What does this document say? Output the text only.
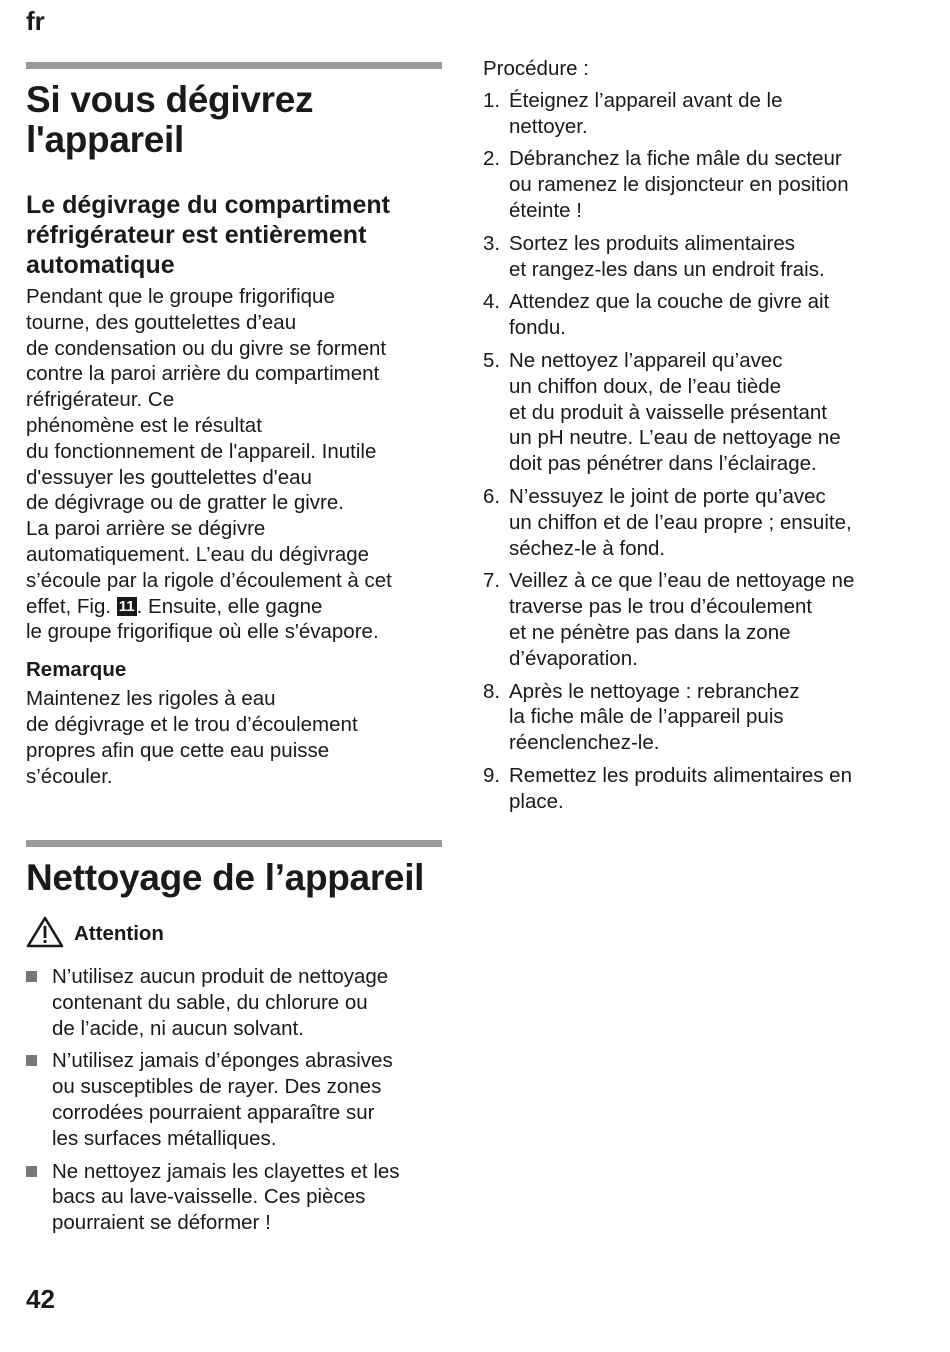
fr
Si vous dégivrez
l'appareil
Le dégivrage du compartiment
réfrigérateur est entièrement
automatique
Pendant que le groupe frigorifique
tourne, des gouttelettes d’eau
de condensation ou du givre se forment
contre la paroi arrière du compartiment
réfrigérateur. Ce
phénomène est le résultat
du fonctionnement de l'appareil. Inutile
d'essuyer les gouttelettes d'eau
de dégivrage ou de gratter le givre.
La paroi arrière se dégivre
automatiquement. L’eau du dégivrage
s’écoule par la rigole d’écoulement à cet
effet, Fig. 11. Ensuite, elle gagne
le groupe frigorifique où elle s'évapore.
Remarque
Maintenez les rigoles à eau
de dégivrage et le trou d’écoulement
propres afin que cette eau puisse
s’écouler.
Nettoyage de l’appareil
Attention
N’utilisez aucun produit de nettoyage
contenant du sable, du chlorure ou
de l’acide, ni aucun solvant.
N’utilisez jamais d’éponges abrasives
ou susceptibles de rayer. Des zones
corrodées pourraient apparaître sur
les surfaces métalliques.
Ne nettoyez jamais les clayettes et les
bacs au lave-vaisselle. Ces pièces
pourraient se déformer !
Procédure :
1. Éteignez l’appareil avant de le
nettoyer.
2. Débranchez la fiche mâle du secteur
ou ramenez le disjoncteur en position
éteinte !
3. Sortez les produits alimentaires
et rangez-les dans un endroit frais.
4. Attendez que la couche de givre ait
fondu.
5. Ne nettoyez l’appareil qu’avec
un chiffon doux, de l’eau tiède
et du produit à vaisselle présentant
un pH neutre. L’eau de nettoyage ne
doit pas pénétrer dans l’éclairage.
6. N’essuyez le joint de porte qu’avec
un chiffon et de l’eau propre ; ensuite,
séchez-le à fond.
7. Veillez à ce que l’eau de nettoyage ne
traverse pas le trou d’écoulement
et ne pénètre pas dans la zone
d’évaporation.
8. Après le nettoyage : rebranchez
la fiche mâle de l’appareil puis
réenclenchez-le.
9. Remettez les produits alimentaires en
place.
42
